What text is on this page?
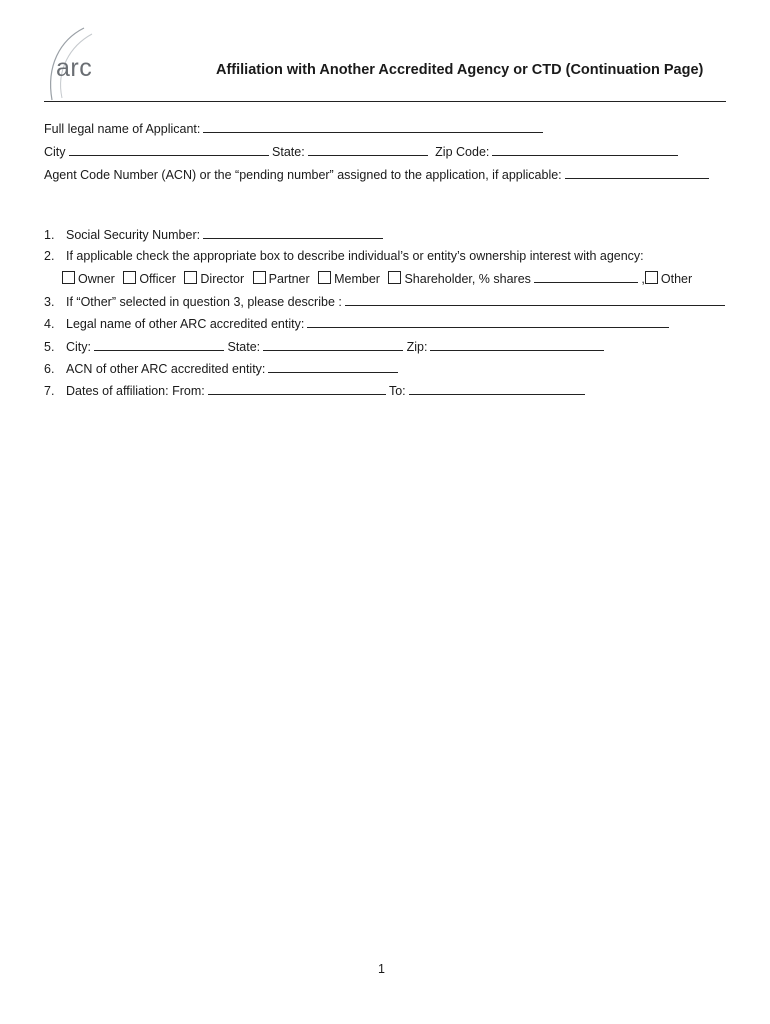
arc	Affiliation with Another Accredited Agency or CTD (Continuation Page)
Full legal name of Applicant:
City	State:	Zip Code:
Agent Code Number (ACN) or the “pending number” assigned to the application, if applicable:
1. Social Security Number:
2. If applicable check the appropriate box to describe individual’s or entity’s ownership interest with agency:
Owner Officer Director Partner Member Shareholder, % shares	, Other
3. If “Other” selected in question 3, please describe :
4. Legal name of other ARC accredited entity:
5. City:	State:	Zip:
6. ACN of other ARC accredited entity:
7. Dates of affiliation: From:	To:
1
